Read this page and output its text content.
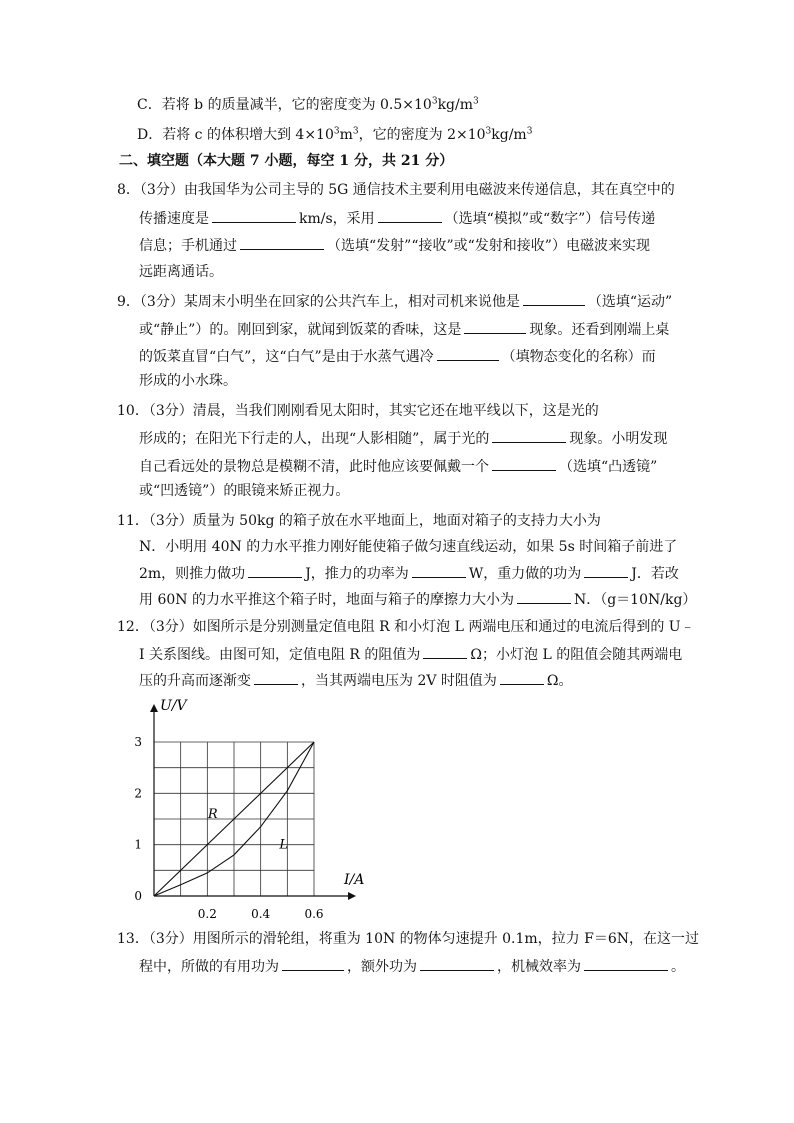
C．若将 b 的质量减半，它的密度变为 $0.5\times 10^3kg/m^3$
D．若将 c 的体积增大到 $4\times 10^3m^3$，它的密度为 $2\times 10^3kg/m^3$
二、填空题（本大题 7 小题，每空 1 分，共 21 分）
8．（3分）由我国华为公司主导的 5G 通信技术主要利用电磁波来传递信息，其在真空中的
传播速度是	km/s，采用	（选填“模拟”或“数字”）信号传递
信息；手机通过	（选填“发射”“接收”或“发射和接收”）电磁波来实现
远距离通话。
9．（3分）某周末小明坐在回家的公共汽车上，相对司机来说他是	（选填“运动”
或“静止”）的。刚回到家，就闻到饭菜的香味，这是	现象。还看到刚端上桌
的饭菜直冒“白气”，这“白气”是由于水蒸气遇冷	（填物态变化的名称）而
形成的小水珠。
10．（3分）清晨，当我们刚刚看见太阳时，其实它还在地平线以下，这是光的
形成的；在阳光下行走的人，出现“人影相随”，属于光的	现象。小明发现
自己看远处的景物总是模糊不清，此时他应该要佩戴一个	（选填“凸透镜”
或“凹透镜”）的眼镜来矫正视力。
11．（3分）质量为 50kg 的箱子放在水平地面上，地面对箱子的支持力大小为
N．小明用 40N 的力水平推力刚好能使箱子做匀速直线运动，如果 5s 时间箱子前进了
2m，则推力做功	J，推力的功率为	W，重力做的功为	J．若改
用 60N 的力水平推这个箱子时，地面与箱子的摩擦力大小为	N．（g＝10N/kg）
12．（3分）如图所示是分别测量定值电阻 R 和小灯泡 L 两端电压和通过的电流后得到的 U﹣
I 关系图线。由图可知，定值电阻 R 的阻值为	Ω；小灯泡 L 的阻值会随其两端电
压的升高而逐渐变	，当其两端电压为 2V 时阻值为	Ω。
U/V
I/A
0.2	0.4	0.6
0
1
2
3
R
L
13．（3分）用图所示的滑轮组，将重为 10N 的物体匀速提升 0.1m，拉力 F＝6N，在这一过
程中，所做的有用功为	，额外功为	，机械效率为	。
